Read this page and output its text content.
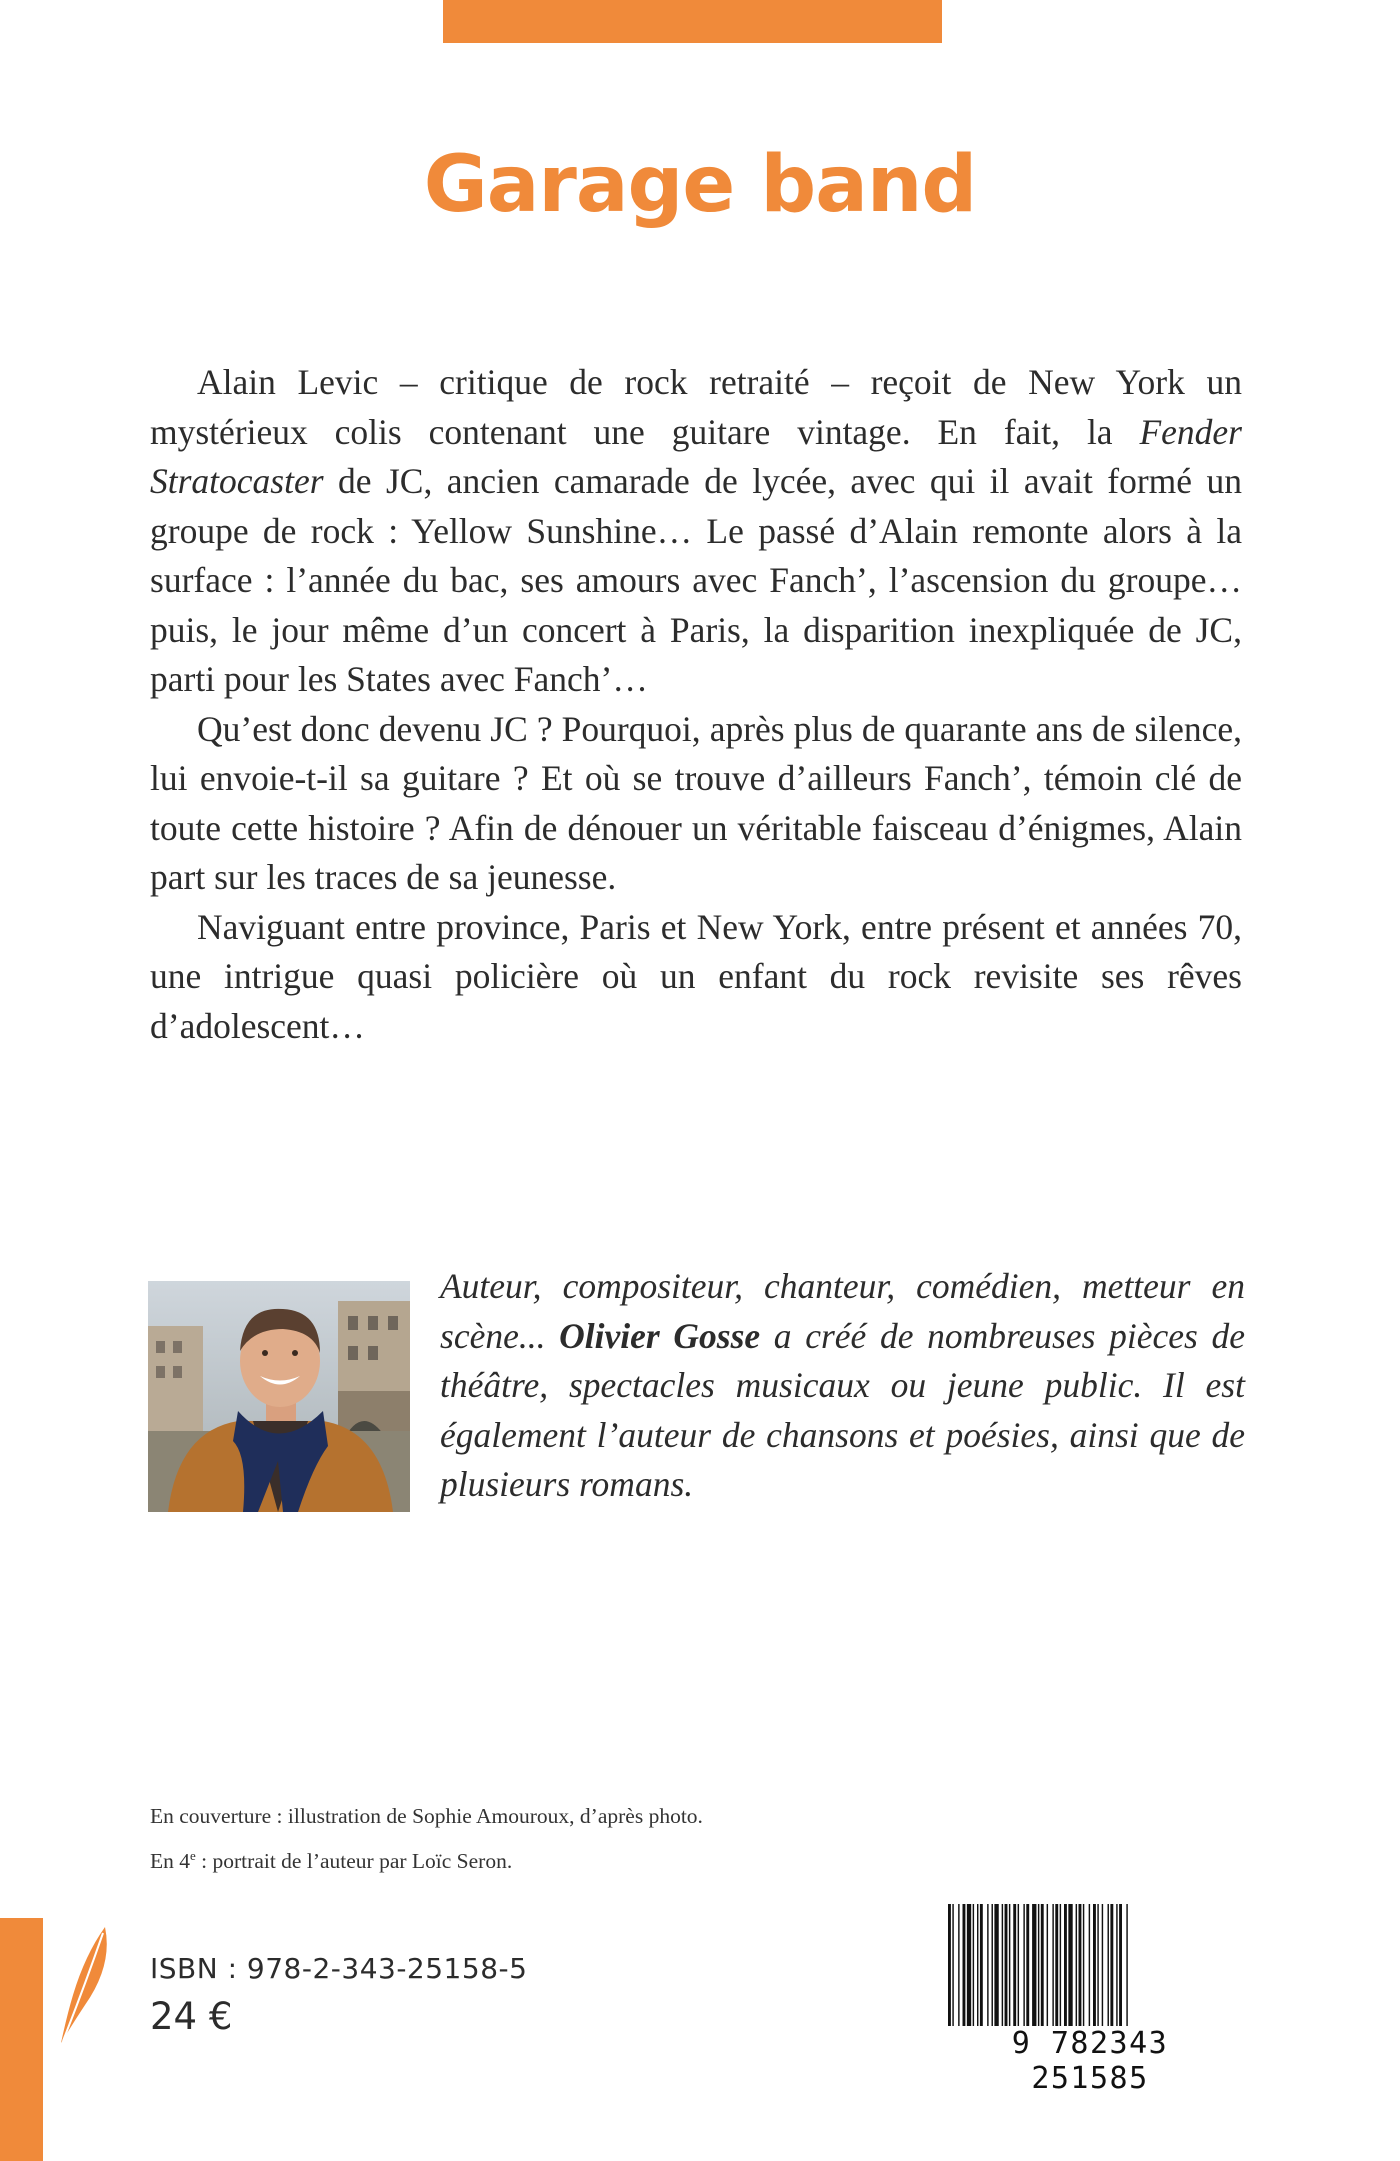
Garage band

Alain Levic – critique de rock retraité – reçoit de New York un mystérieux colis contenant une guitare vintage. En fait, la Fender Stratocaster de JC, ancien camarade de lycée, avec qui il avait formé un groupe de rock : Yellow Sunshine… Le passé d’Alain remonte alors à la surface : l’année du bac, ses amours avec Fanch’, l’ascension du groupe… puis, le jour même d’un concert à Paris, la disparition inexpliquée de JC, parti pour les States avec Fanch’…

Qu’est donc devenu JC ? Pourquoi, après plus de quarante ans de silence, lui envoie-t-il sa guitare ? Et où se trouve d’ailleurs Fanch’, témoin clé de toute cette histoire ? Afin de dénouer un véritable faisceau d’énigmes, Alain part sur les traces de sa jeunesse.

Naviguant entre province, Paris et New York, entre présent et années 70, une intrigue quasi policière où un enfant du rock revisite ses rêves d’adolescent…

Auteur, compositeur, chanteur, comédien, metteur en scène... Olivier Gosse a créé de nombreuses pièces de théâtre, spectacles musicaux ou jeune public. Il est également l’auteur de chansons et poésies, ainsi que de plusieurs romans.
En couverture : illustration de Sophie Amouroux, d’après photo.
En 4e : portrait de l’auteur par Loïc Seron.
ISBN : 978-2-343-25158-5
24 €
9 782343 251585
